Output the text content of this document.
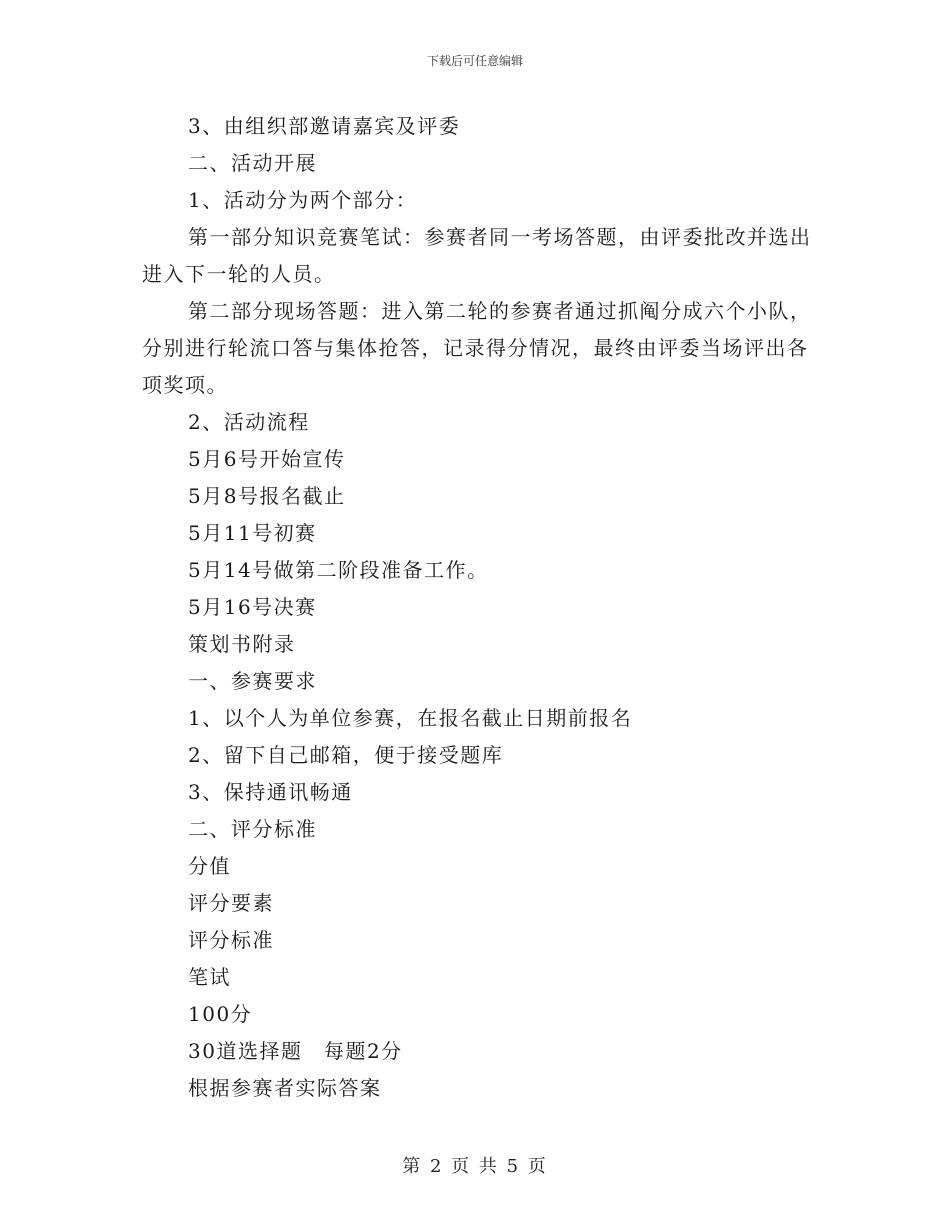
下载后可任意编辑

3、由组织部邀请嘉宾及评委

二、活动开展

1、活动分为两个部分：

第一部分知识竞赛笔试：参赛者同一考场答题，由评委批改并选出进入下一轮的人员。

第二部分现场答题：进入第二轮的参赛者通过抓阄分成六个小队，分别进行轮流口答与集体抢答，记录得分情况，最终由评委当场评出各项奖项。

2、活动流程

5月6号开始宣传

5月8号报名截止

5月11号初赛

5月14号做第二阶段准备工作。

5月16号决赛

策划书附录

一、参赛要求

1、以个人为单位参赛，在报名截止日期前报名

2、留下自己邮箱，便于接受题库

3、保持通讯畅通

二、评分标准

分值

评分要素

评分标准

笔试

100分

30道选择题　每题2分

根据参赛者实际答案

第 2 页 共 5 页
